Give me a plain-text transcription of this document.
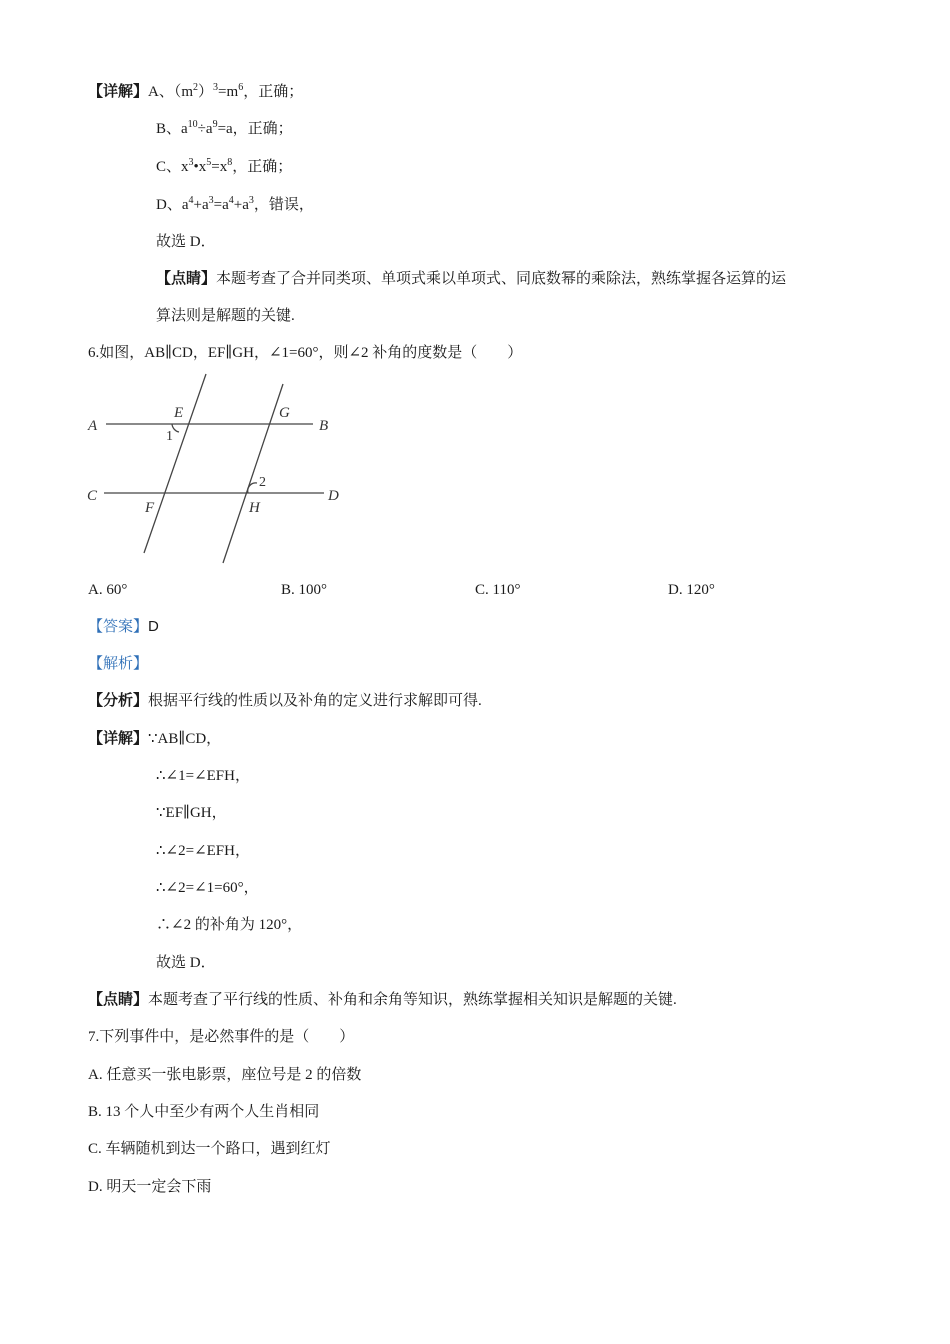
【详解】A、$(m^2)^3=m^6$，正确；
B、$a^{10}\div a^9=a$，正确；
C、$x^3•x^5=x^8$，正确；
D、$a^4+a^3=a^4+a^3$，错误，
故选 D．
【点睛】本题考查了合并同类项、单项式乘以单项式、同底数幂的乘除法，熟练掌握各运算的运
算法则是解题的关键.
6.如图，AB∥CD，EF∥GH，∠1=60°，则∠2 补角的度数是（　　）
A	B
C	D
E
F
G
H
1
2
A. 60°	B. 100°	C. 110°	D. 120°
【答案】D
【解析】
【分析】根据平行线的性质以及补角的定义进行求解即可得.
【详解】∵AB∥CD，
∴∠1=∠EFH，
∵EF∥GH，
∴∠2=∠EFH，
∴∠2=∠1=60°，
∴∠2 的补角为 120°，
故选 D．
【点睛】本题考查了平行线的性质、补角和余角等知识，熟练掌握相关知识是解题的关键.
7.下列事件中，是必然事件的是（　　）
A. 任意买一张电影票，座位号是 2 的倍数
B. 13 个人中至少有两个人生肖相同
C. 车辆随机到达一个路口，遇到红灯
D. 明天一定会下雨
